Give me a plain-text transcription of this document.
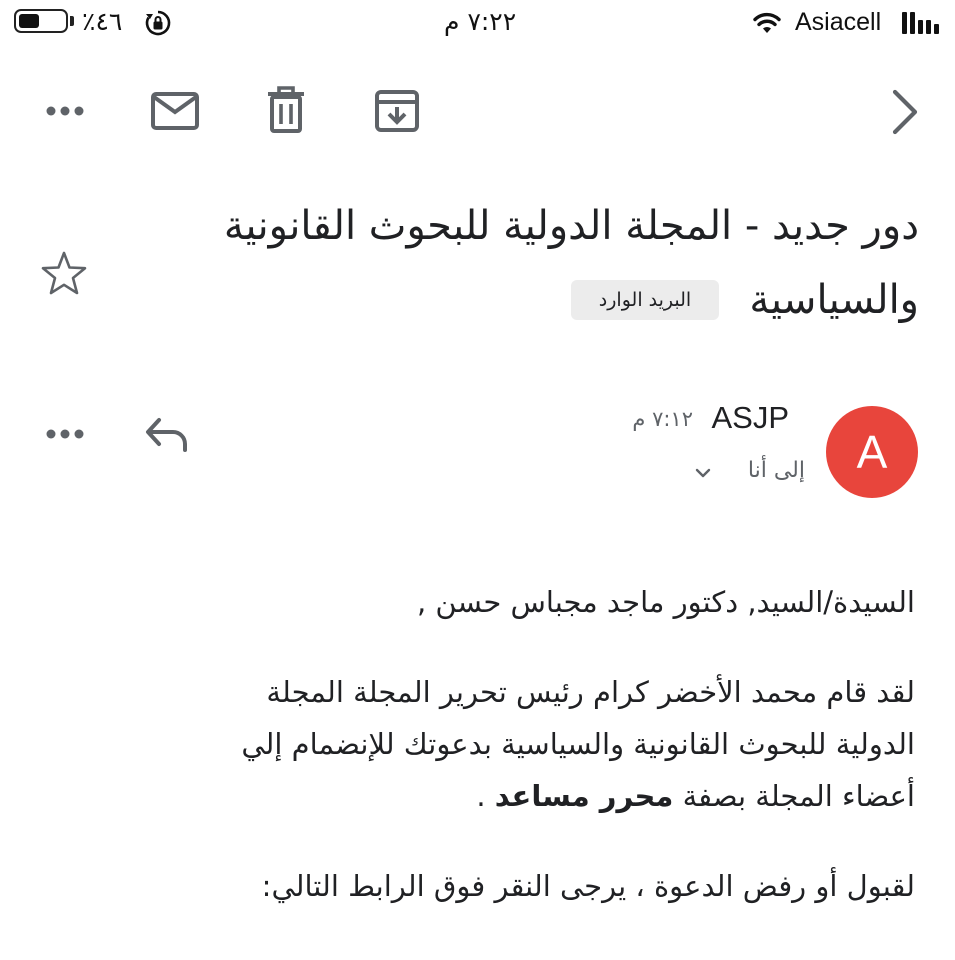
٪٤٦	٧:٢٢ م	Asiacell
دور جديد - المجلة الدولية للبحوث القانونية
والسياسية
البريد الوارد
A
ASJP
٧:١٢ م
إلى أنا
السيدة/السيد, دكتور ماجد مجباس حسن ,
لقد قام محمد الأخضر كرام رئيس تحرير المجلة المجلة
الدولية للبحوث القانونية والسياسية بدعوتك للإنضمام إلي
أعضاء المجلة بصفة محرر مساعد .
لقبول أو رفض الدعوة ، يرجى النقر فوق الرابط التالي:
